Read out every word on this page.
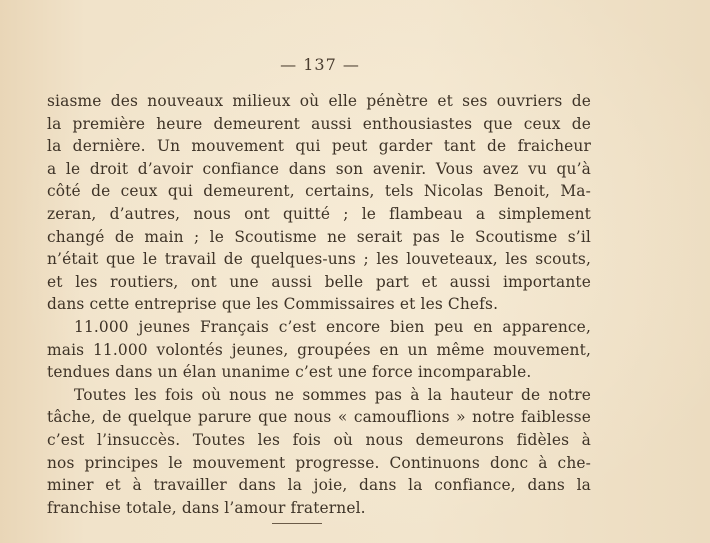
— 137 —
siasme des nouveaux milieux où elle pénètre et ses ouvriers de
la première heure demeurent aussi enthousiastes que ceux de
la dernière. Un mouvement qui peut garder tant de fraicheur
a le droit d’avoir confiance dans son avenir. Vous avez vu qu’à
côté de ceux qui demeurent, certains, tels Nicolas Benoit, Ma-
zeran, d’autres, nous ont quitté ; le flambeau a simplement
changé de main ; le Scoutisme ne serait pas le Scoutisme s’il
n’était que le travail de quelques-uns ; les louveteaux, les scouts,
et les routiers, ont une aussi belle part et aussi importante
dans cette entreprise que les Commissaires et les Chefs.
11.000 jeunes Français c’est encore bien peu en apparence,
mais 11.000 volontés jeunes, groupées en un même mouvement,
tendues dans un élan unanime c’est une force incomparable.
Toutes les fois où nous ne sommes pas à la hauteur de notre
tâche, de quelque parure que nous « camouflions » notre faiblesse
c’est l’insuccès. Toutes les fois où nous demeurons fidèles à
nos principes le mouvement progresse. Continuons donc à che-
miner et à travailler dans la joie, dans la confiance, dans la
franchise totale, dans l’amour fraternel.
